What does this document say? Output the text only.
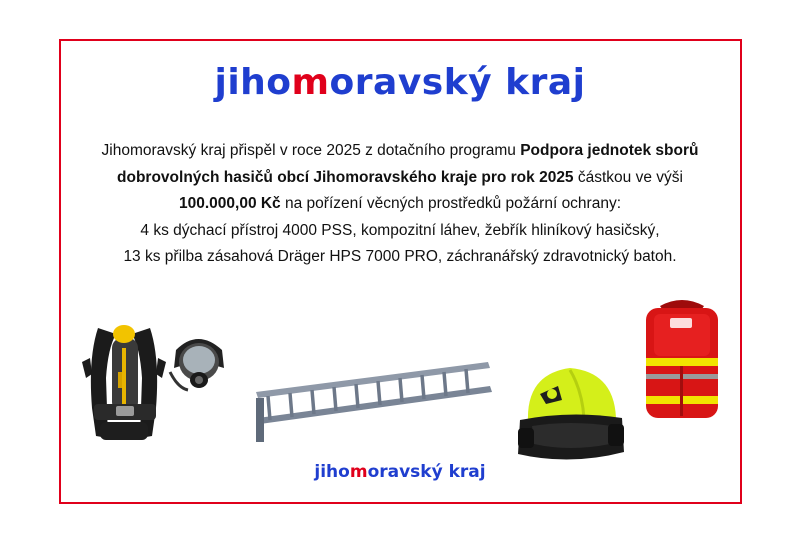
jihomoravský kraj
Jihomoravský kraj přispěl v roce 2025 z dotačního programu Podpora jednotek sborů
dobrovolných hasičů obcí Jihomoravského kraje pro rok 2025 částkou ve výši
100.000,00 Kč na pořízení věcných prostředků požární ochrany:
4 ks dýchací přístroj 4000 PSS, kompozitní láhev, žebřík hliníkový hasičský,
13 ks přilba zásahová Dräger HPS 7000 PRO, záchranářský zdravotnický batoh.
jihomoravský kraj
